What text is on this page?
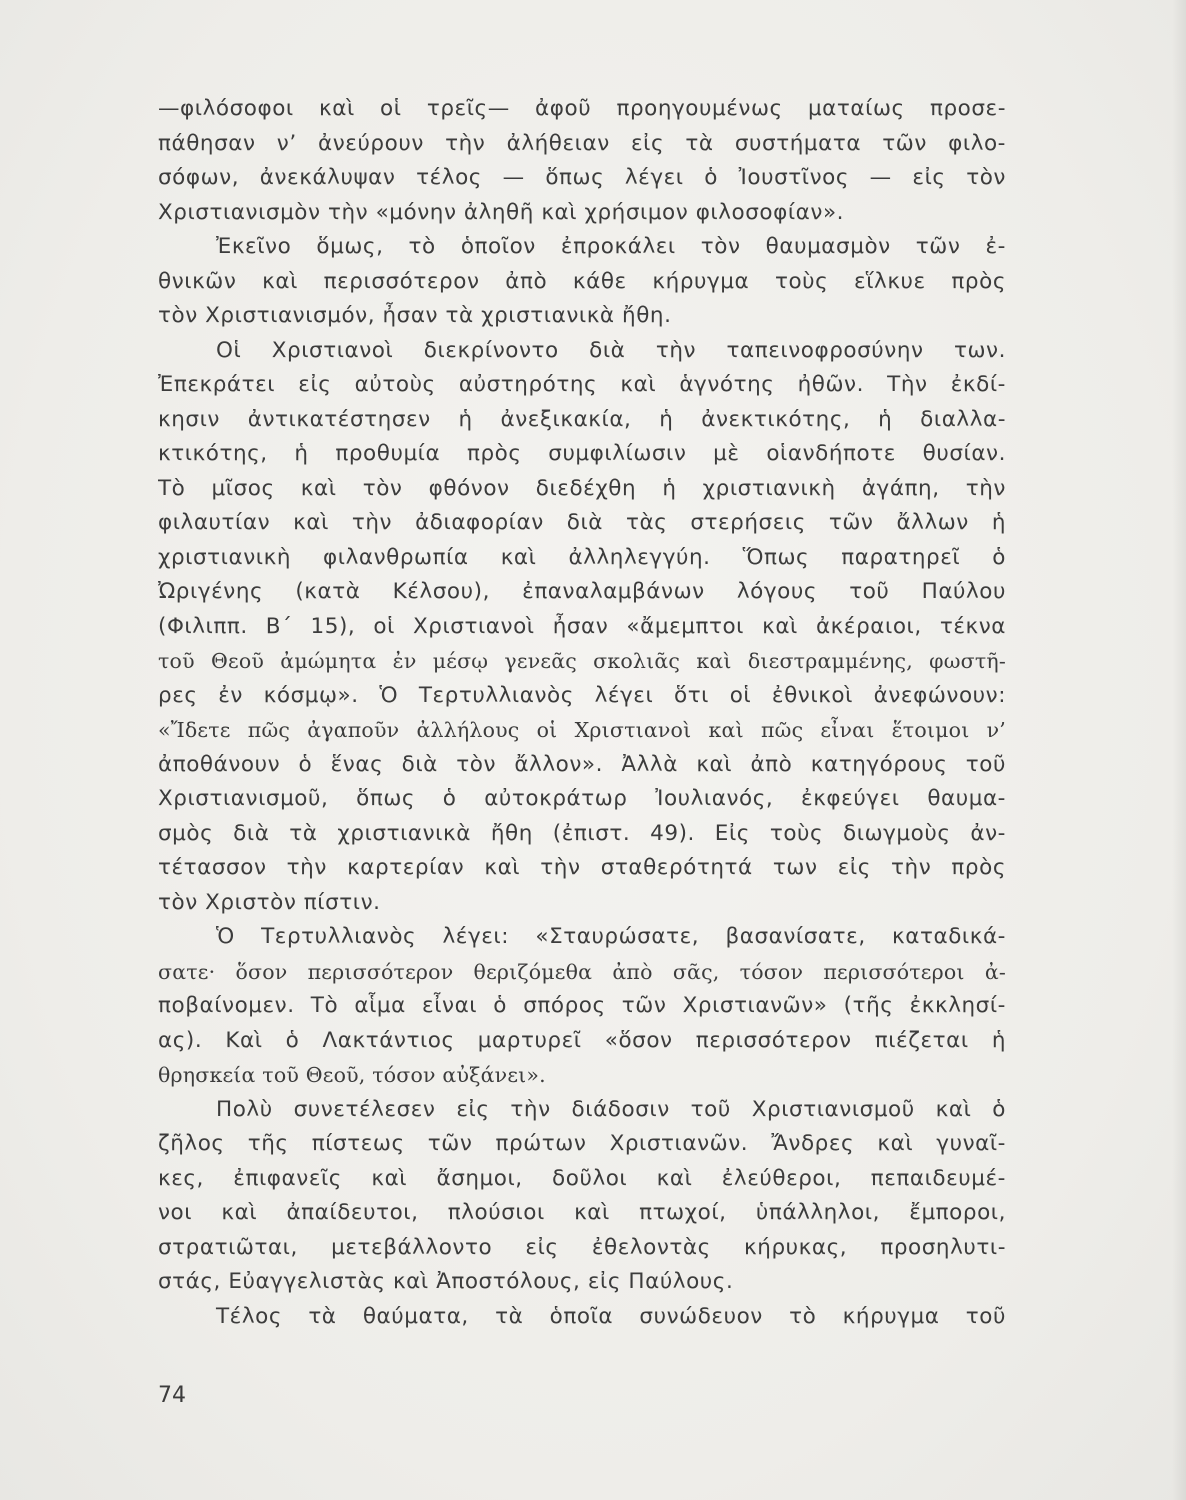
—φιλόσοφοι καὶ οἱ τρεῖς— ἀφοῦ προηγουμένως ματαίως προσε-
πάθησαν ν’ ἀνεύρουν τὴν ἀλήθειαν εἰς τὰ συστήματα τῶν φιλο-
σόφων, ἀνεκάλυψαν τέλος — ὅπως λέγει ὁ Ἰουστῖνος — εἰς τὸν
Χριστιανισμὸν τὴν «μόνην ἀληθῆ καὶ χρήσιμον φιλοσοφίαν».
Ἐκεῖνο ὅμως, τὸ ὁποῖον ἐπροκάλει τὸν θαυμασμὸν τῶν ἐ-
θνικῶν καὶ περισσότερον ἀπὸ κάθε κήρυγμα τοὺς εἵλκυε πρὸς
τὸν Χριστιανισμόν, ἦσαν τὰ χριστιανικὰ ἤθη.
Οἱ Χριστιανοὶ διεκρίνοντο διὰ τὴν ταπεινοφροσύνην των.
Ἐπεκράτει εἰς αὐτοὺς αὐστηρότης καὶ ἁγνότης ἠθῶν. Τὴν ἐκδί-
κησιν ἀντικατέστησεν ἡ ἀνεξικακία, ἡ ἀνεκτικότης, ἡ διαλλα-
κτικότης, ἡ προθυμία πρὸς συμφιλίωσιν μὲ οἱανδήποτε θυσίαν.
Τὸ μῖσος καὶ τὸν φθόνον διεδέχθη ἡ χριστιανικὴ ἀγάπη, τὴν
φιλαυτίαν καὶ τὴν ἀδιαφορίαν διὰ τὰς στερήσεις τῶν ἄλλων ἡ
χριστιανικὴ φιλανθρωπία καὶ ἀλληλεγγύη. Ὅπως παρατηρεῖ ὁ
Ὠριγένης (κατὰ Κέλσου), ἐπαναλαμβάνων λόγους τοῦ Παύλου
(Φιλιππ. Β΄ 15), οἱ Χριστιανοὶ ἦσαν «ἄμεμπτοι καὶ ἀκέραιοι, τέκνα
τοῦ Θεοῦ ἀμώμητα ἐν μέσῳ γενεᾶς σκολιᾶς καὶ διεστραμμένης, φωστῆ-
ρες ἐν κόσμῳ». Ὁ Τερτυλλιανὸς λέγει ὅτι οἱ ἐθνικοὶ ἀνεφώνουν:
«Ἴδετε πῶς ἀγαποῦν ἀλλήλους οἱ Χριστιανοὶ καὶ πῶς εἶναι ἕτοιμοι ν’
ἀποθάνουν ὁ ἕνας διὰ τὸν ἄλλον». Ἀλλὰ καὶ ἀπὸ κατηγόρους τοῦ
Χριστιανισμοῦ, ὅπως ὁ αὐτοκράτωρ Ἰουλιανός, ἐκφεύγει θαυμα-
σμὸς διὰ τὰ χριστιανικὰ ἤθη (ἐπιστ. 49). Εἰς τοὺς διωγμοὺς ἀν-
τέτασσον τὴν καρτερίαν καὶ τὴν σταθερότητά των εἰς τὴν πρὸς
τὸν Χριστὸν πίστιν.
Ὁ Τερτυλλιανὸς λέγει: «Σταυρώσατε, βασανίσατε, καταδικά-
σατε· ὅσον περισσότερον θεριζόμεθα ἀπὸ σᾶς, τόσον περισσότεροι ἀ-
ποβαίνομεν. Τὸ αἷμα εἶναι ὁ σπόρος τῶν Χριστιανῶν» (τῆς ἐκκλησί-
ας). Καὶ ὁ Λακτάντιος μαρτυρεῖ «ὅσον περισσότερον πιέζεται ἡ
θρησκεία τοῦ Θεοῦ, τόσον αὐξάνει».
Πολὺ συνετέλεσεν εἰς τὴν διάδοσιν τοῦ Χριστιανισμοῦ καὶ ὁ
ζῆλος τῆς πίστεως τῶν πρώτων Χριστιανῶν. Ἄνδρες καὶ γυναῖ-
κες, ἐπιφανεῖς καὶ ἄσημοι, δοῦλοι καὶ ἐλεύθεροι, πεπαιδευμέ-
νοι καὶ ἀπαίδευτοι, πλούσιοι καὶ πτωχοί, ὑπάλληλοι, ἔμποροι,
στρατιῶται, μετεβάλλοντο εἰς ἐθελοντὰς κήρυκας, προσηλυτι-
στάς, Εὐαγγελιστὰς καὶ Ἀποστόλους, εἰς Παύλους.
Τέλος τὰ θαύματα, τὰ ὁποῖα συνώδευον τὸ κήρυγμα τοῦ
74
